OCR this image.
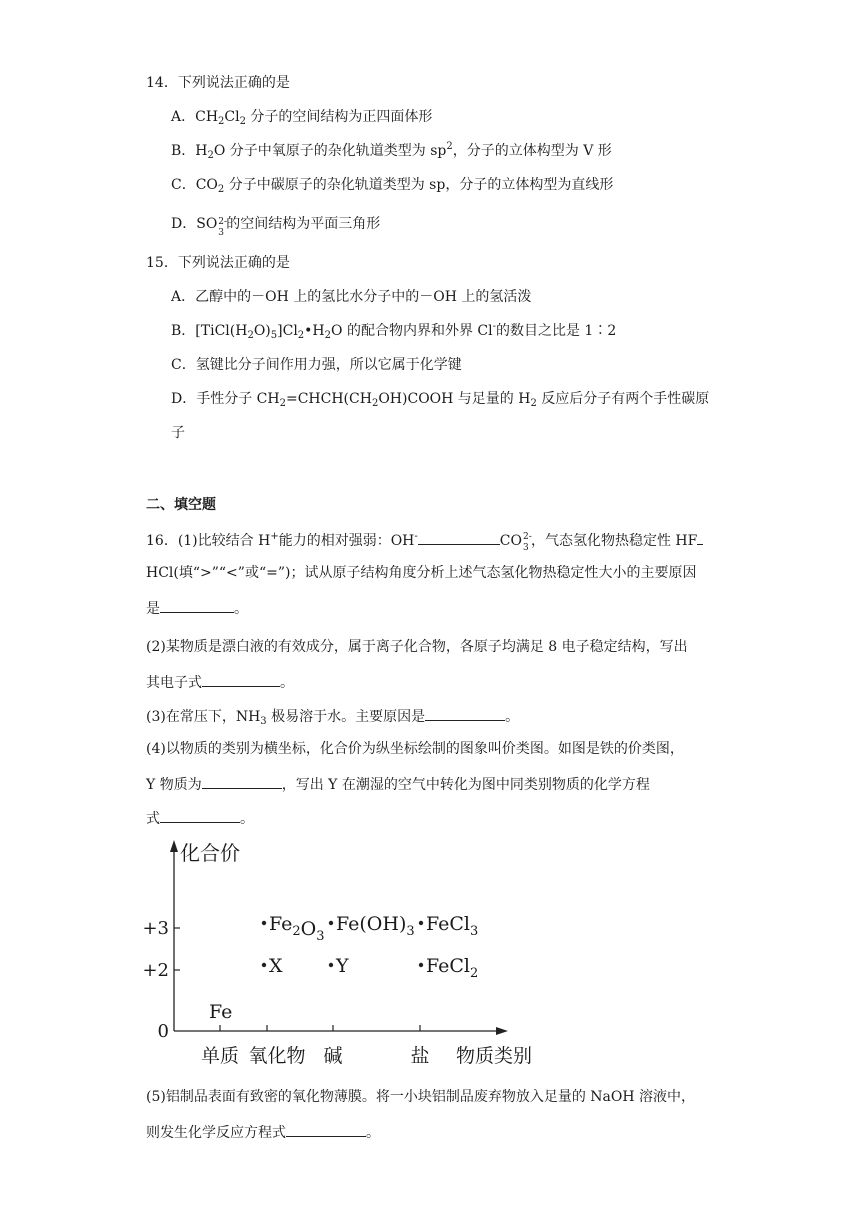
14．下列说法正确的是
A．$CH_2Cl_2$ 分子的空间结构为正四面体形
B．$H_2O$ 分子中氧原子的杂化轨道类型为 $sp^2$，分子的立体构型为 V 形
C．$CO_2$ 分子中碳原子的杂化轨道类型为 sp，分子的立体构型为直线形
D．SO 2-
3
的空间结构为平面三角形
15．下列说法正确的是
A．乙醇中的－OH 上的氢比水分子中的－OH 上的氢活泼
B．$[TiCl(H_2O)_5]Cl_2•H_2O$ 的配合物内界和外界 Cl-的数目之比是 1∶2
C．氢键比分子间作用力强，所以它属于化学键
D．手性分子 $CH_2=CHCH(CH_2OH)COOH$ 与足量的 $H_2$ 反应后分子有两个手性碳原
子
二、填空题
16．(1)比较结合 H+能力的相对强弱：OH-	CO 2-
3 ，气态氢化物热稳定性 HF
HCl(填“>”“<”或“=”)；试从原子结构角度分析上述气态氢化物热稳定性大小的主要原因
是	。
(2)某物质是漂白液的有效成分，属于离子化合物，各原子均满足 8 电子稳定结构，写出
其电子式	。
(3)在常压下，$NH_3$ 极易溶于水。主要原因是	。
(4)以物质的类别为横坐标，化合价为纵坐标绘制的图象叫价类图。如图是铁的价类图，
Y 物质为	，写出 Y 在潮湿的空气中转化为图中同类别物质的化学方程
式	。
化合价
物质类别
0
+2
+3
单质 氧化物 碱	盐
Fe
$Fe_2O_3$
$Fe(OH)_3$ FeCl$_3$
X	Y	FeCl$_2$
(5)铝制品表面有致密的氧化物薄膜。将一小块铝制品废弃物放入足量的 NaOH 溶液中，
则发生化学反应方程式	。
